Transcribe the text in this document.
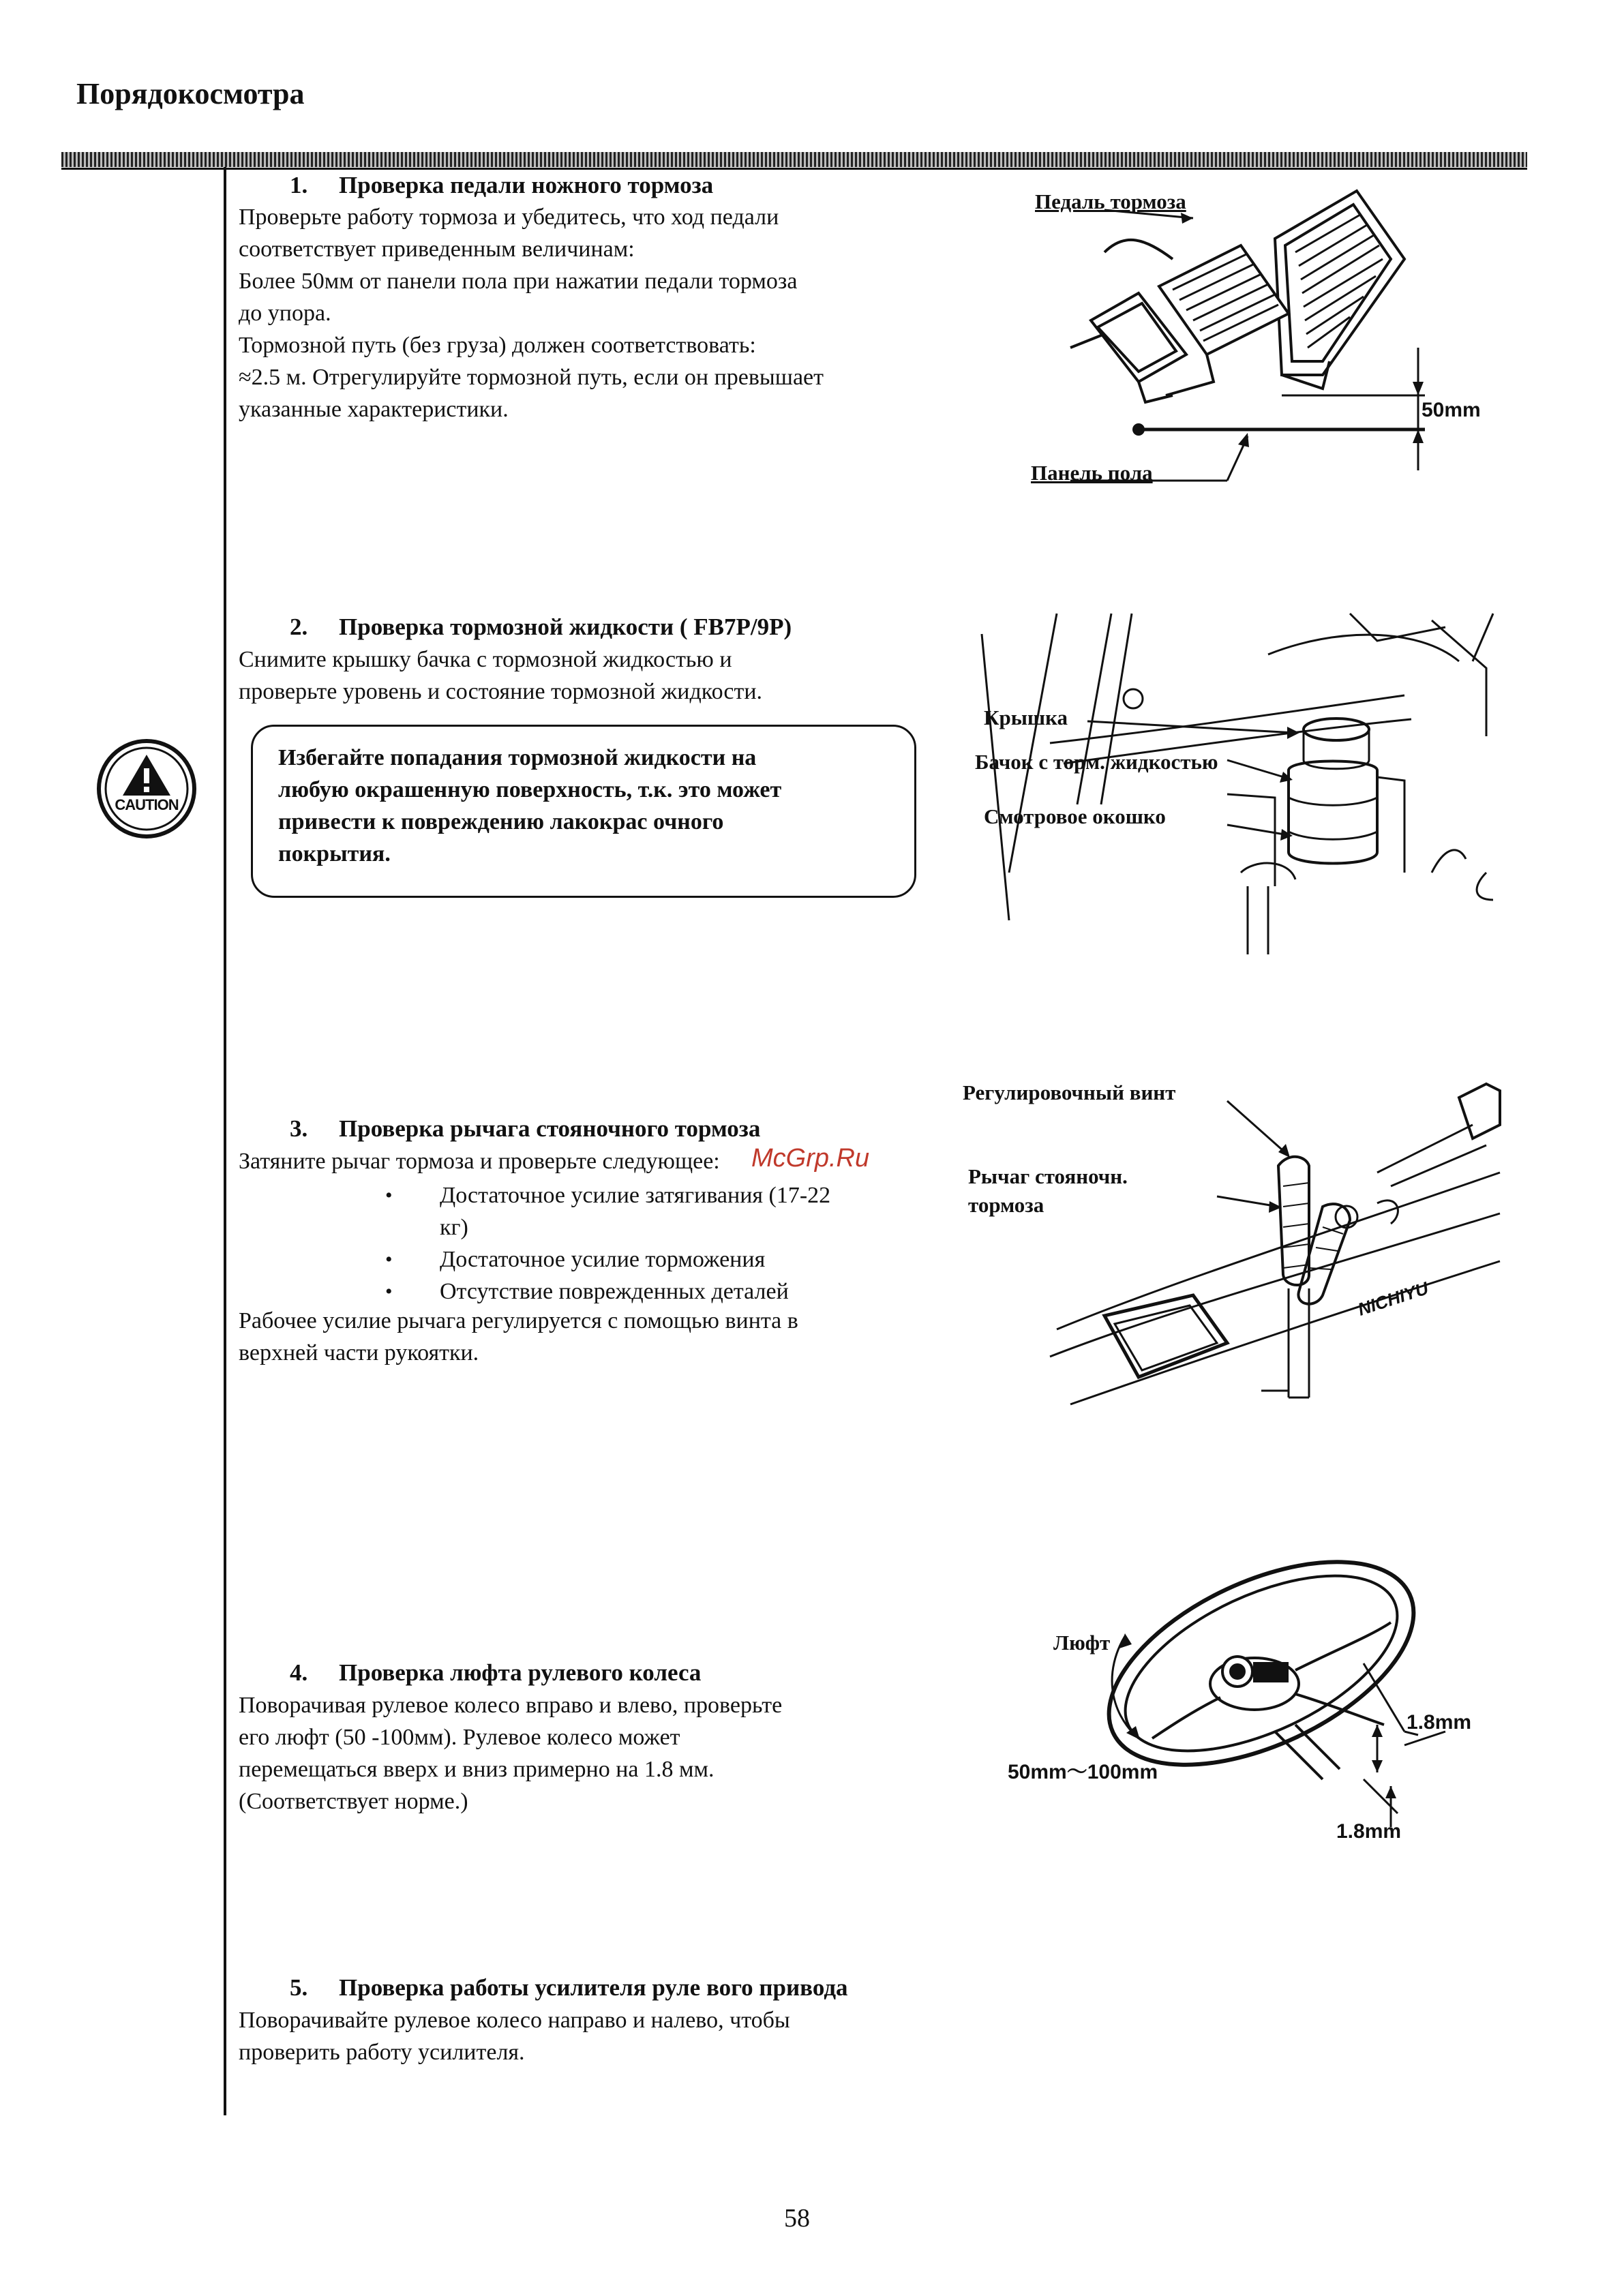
Порядокосмотра
1. Проверка педали ножного тормоза
Проверьте работу тормоза и убедитесь, что ход педали
соответствует приведенным величинам:
Более 50мм от панели пола при нажатии педали тормоза
до упора.
Тормозной путь (без груза) должен соответствовать:
≈2.5 м. Отрегулируйте тормозной путь, если он превышает
указанные характеристики.
Педаль тормоза
Панель пола
50mm
2. Проверка тормозной жидкости ( FB7P/9P)
Снимите крышку бачка с тормозной жидкостью и
проверьте уровень и состояние тормозной жидкости.
CAUTION
Избегайте попадания тормозной жидкости на
любую окрашенную поверхность, т.к. это может
привести к повреждению лакокрас очного
покрытия.
Крышка
Бачок с торм. жидкостью
Смотровое окошко
3. Проверка рычага стояночного тормоза
Затяните рычаг тормоза и проверьте следующее:
• Достаточное усилие затягивания (17-22
кг)
• Достаточное усилие торможения
• Отсутствие поврежденных деталей
Рабочее усилие рычага регулируется с помощью винта в
верхней части рукоятки.
Регулировочный винт
Рычаг стояночн.
тормоза
NICHIYU
4. Проверка люфта рулевого колеса
Поворачивая рулевое колесо вправо и влево, проверьте
его люфт (50 -100мм). Рулевое колесо может
перемещаться вверх и вниз примерно на 1.8 мм.
(Соответствует норме.)
Люфт
50mm〜100mm
1.8mm
1.8mm
5. Проверка работы усилителя руле вого привода
Поворачивайте рулевое колесо направо и налево, чтобы
проверить работу усилителя.
McGrp.Ru
58
